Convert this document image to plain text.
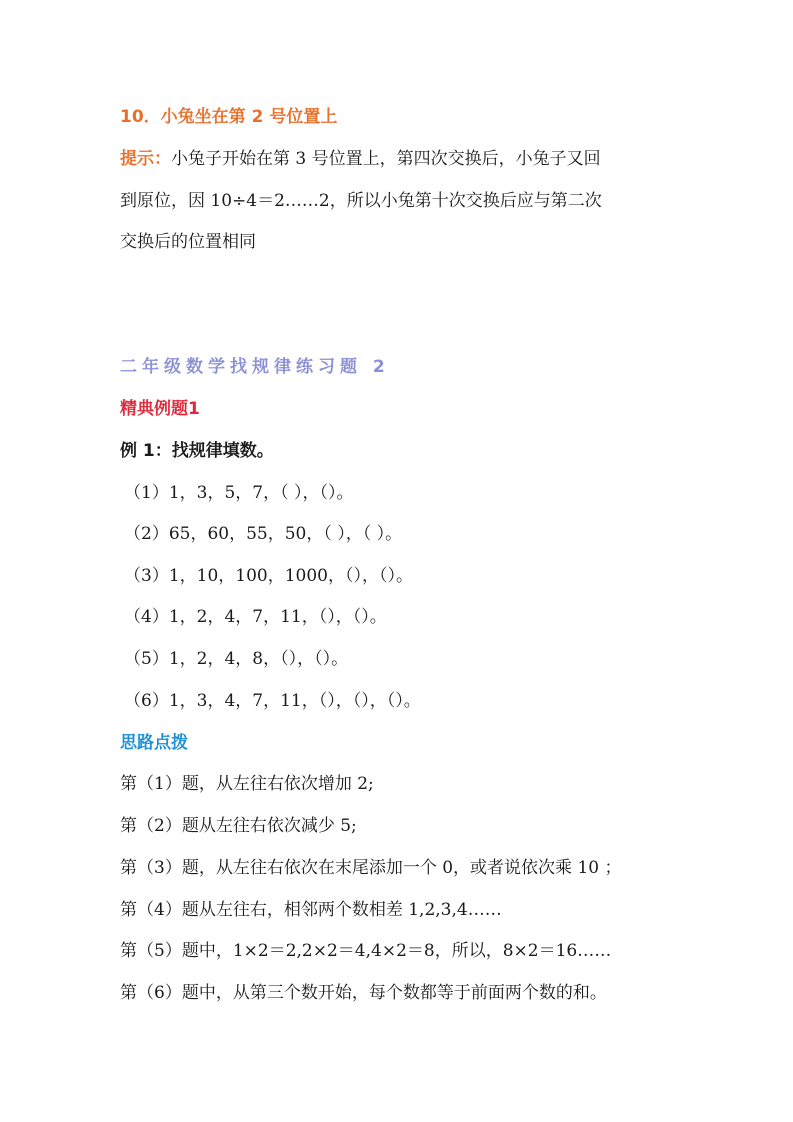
10．小兔坐在第 2 号位置上
提示：小兔子开始在第 3 号位置上，第四次交换后，小兔子又回
到原位，因 10÷4＝2……2，所以小兔第十次交换后应与第二次
交换后的位置相同
二年级数学找规律练习题 2
精典例题1
例 1：找规律填数。
（1）1，3，5，7，（ ），（）。
（2）65，60，55，50，（ ），（ ）。
（3）1，10，100，1000，（），（）。
（4）1，2，4，7，11，（），（）。
（5）1，2，4，8，（），（）。
（6）1，3，4，7，11，（），（），（）。
思路点拨
第（1）题，从左往右依次增加 2;
第（2）题从左往右依次减少 5;
第（3）题，从左往右依次在末尾添加一个 0，或者说依次乘 10 ；
第（4）题从左往右，相邻两个数相差 1,2,3,4……
第（5）题中，1×2＝2,2×2＝4,4×2＝8，所以，8×2＝16……
第（6）题中，从第三个数开始，每个数都等于前面两个数的和。
